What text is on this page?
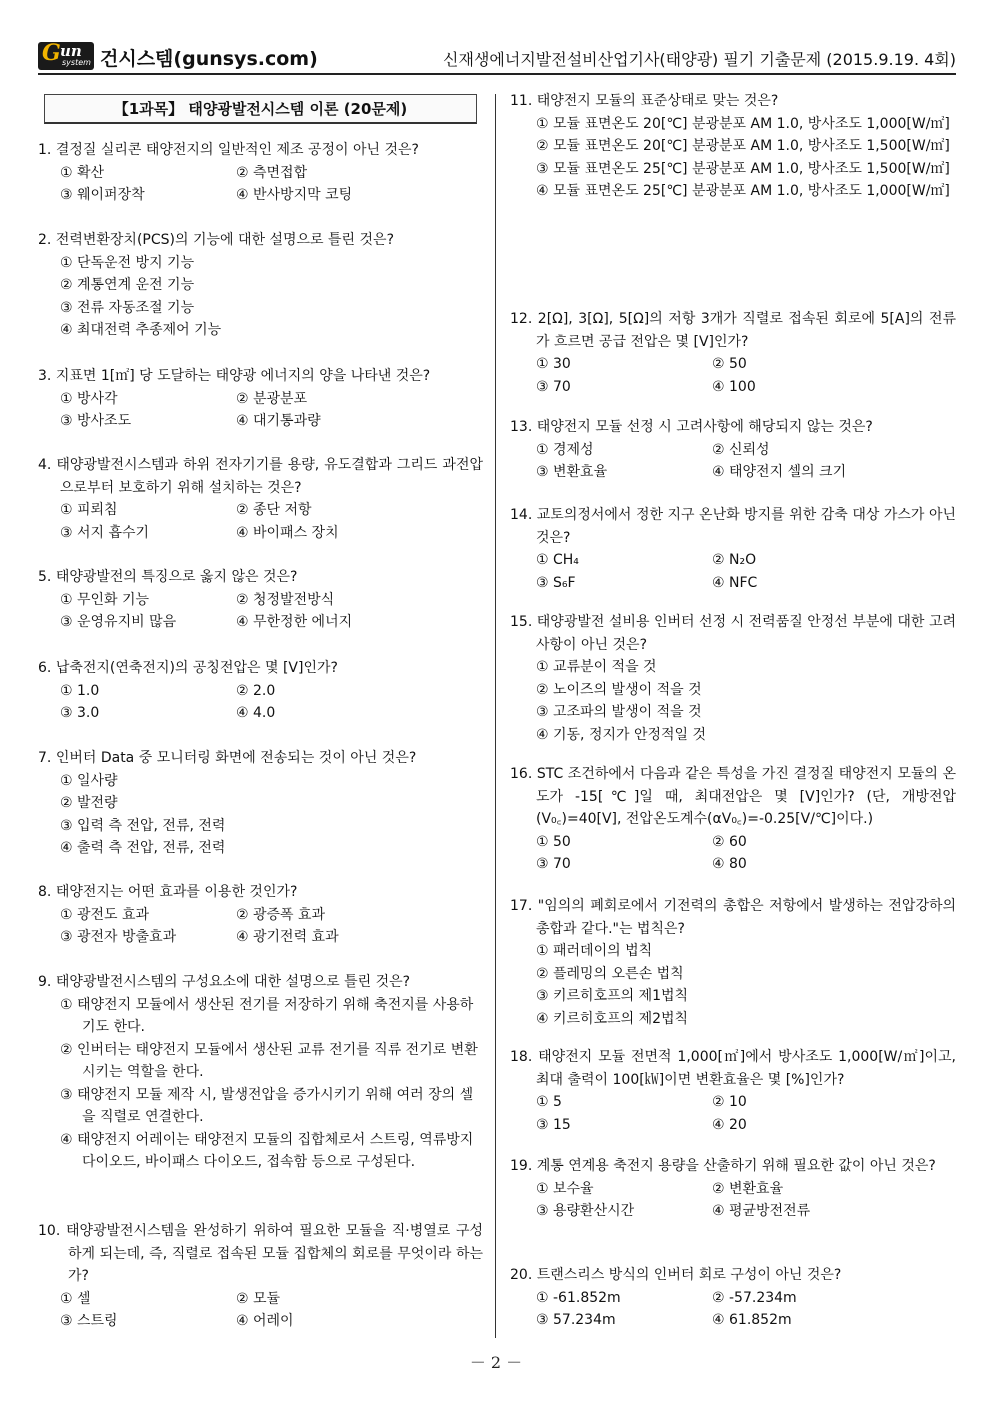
G un
system 건시스템(gunsys.com)	신재생에너지발전설비산업기사(태양광) 필기 기출문제 (2015.9.19. 4회)
【1과목】 태양광발전시스템 이론 (20문제)
1. 결정질 실리콘 태양전지의 일반적인 제조 공정이 아닌 것은?
① 확산	② 측면접합
③ 웨이퍼장착	④ 반사방지막 코팅
2. 전력변환장치(PCS)의 기능에 대한 설명으로 틀린 것은?
① 단독운전 방지 기능
② 계통연계 운전 기능
③ 전류 자동조절 기능
④ 최대전력 추종제어 기능
3. 지표면 1[㎡] 당 도달하는 태양광 에너지의 양을 나타낸 것은?
① 방사각	② 분광분포
③ 방사조도	④ 대기통과량
4. 태양광발전시스템과 하위 전자기기를 용량, 유도결합과 그리드 과전압으로부터 보호하기 위해 설치하는 것은?
① 피뢰침	② 종단 저항
③ 서지 흡수기	④ 바이패스 장치
5. 태양광발전의 특징으로 옳지 않은 것은?
① 무인화 기능	② 청정발전방식
③ 운영유지비 많음	④ 무한정한 에너지
6. 납축전지(연축전지)의 공칭전압은 몇 [V]인가?
① 1.0	② 2.0
③ 3.0	④ 4.0
7. 인버터 Data 중 모니터링 화면에 전송되는 것이 아닌 것은?
① 일사량
② 발전량
③ 입력 측 전압, 전류, 전력
④ 출력 측 전압, 전류, 전력
8. 태양전지는 어떤 효과를 이용한 것인가?
① 광전도 효과	② 광증폭 효과
③ 광전자 방출효과	④ 광기전력 효과
9. 태양광발전시스템의 구성요소에 대한 설명으로 틀린 것은?
① 태양전지 모듈에서 생산된 전기를 저장하기 위해 축전지를 사용하기도 한다.
② 인버터는 태양전지 모듈에서 생산된 교류 전기를 직류 전기로 변환시키는 역할을 한다.
③ 태양전지 모듈 제작 시, 발생전압을 증가시키기 위해 여러 장의 셀을 직렬로 연결한다.
④ 태양전지 어레이는 태양전지 모듈의 집합체로서 스트링, 역류방지 다이오드, 바이패스 다이오드, 접속함 등으로 구성된다.
10. 태양광발전시스템을 완성하기 위하여 필요한 모듈을 직·병열로 구성하게 되는데, 즉, 직렬로 접속된 모듈 집합체의 회로를 무엇이라 하는가?
① 셀	② 모듈
③ 스트링	④ 어레이
11. 태양전지 모듈의 표준상태로 맞는 것은?
① 모듈 표면온도 20[℃] 분광분포 AM 1.0, 방사조도 1,000[W/㎡]
② 모듈 표면온도 20[℃] 분광분포 AM 1.0, 방사조도 1,500[W/㎡]
③ 모듈 표면온도 25[℃] 분광분포 AM 1.0, 방사조도 1,500[W/㎡]
④ 모듈 표면온도 25[℃] 분광분포 AM 1.0, 방사조도 1,000[W/㎡]
12. 2[Ω], 3[Ω], 5[Ω]의 저항 3개가 직렬로 접속된 회로에 5[A]의 전류가 흐르면 공급 전압은 몇 [V]인가?
① 30	② 50
③ 70	④ 100
13. 태양전지 모듈 선정 시 고려사항에 해당되지 않는 것은?
① 경제성	② 신뢰성
③ 변환효율	④ 태양전지 셀의 크기
14. 교토의정서에서 정한 지구 온난화 방지를 위한 감축 대상 가스가 아닌 것은?
① CH₄	② N₂O
③ S₆F	④ NFC
15. 태양광발전 설비용 인버터 선정 시 전력품질 안정선 부분에 대한 고려사항이 아닌 것은?
① 교류분이 적을 것
② 노이즈의 발생이 적을 것
③ 고조파의 발생이 적을 것
④ 기동, 정지가 안정적일 것
16. STC 조건하에서 다음과 같은 특성을 가진 결정질 태양전지 모듈의 온도가 -15[℃]일 때, 최대전압은 몇 [V]인가? (단, 개방전압(V₀꜀)=40[V], 전압온도계수(αV₀꜀)=-0.25[V/℃]이다.)
① 50	② 60
③ 70	④ 80
17. "임의의 폐회로에서 기전력의 총합은 저항에서 발생하는 전압강하의 총합과 같다."는 법칙은?
① 패러데이의 법칙
② 플레밍의 오른손 법칙
③ 키르히호프의 제1법칙
④ 키르히호프의 제2법칙
18. 태양전지 모듈 전면적 1,000[㎡]에서 방사조도 1,000[W/㎡]이고, 최대 출력이 100[㎾]이면 변환효율은 몇 [%]인가?
① 5	② 10
③ 15	④ 20
19. 계통 연계용 축전지 용량을 산출하기 위해 필요한 값이 아닌 것은?
① 보수율	② 변환효율
③ 용량환산시간	④ 평균방전전류
20. 트랜스리스 방식의 인버터 회로 구성이 아닌 것은?
① -61.852m	② -57.234m
③ 57.234m	④ 61.852m
－ 2 －
